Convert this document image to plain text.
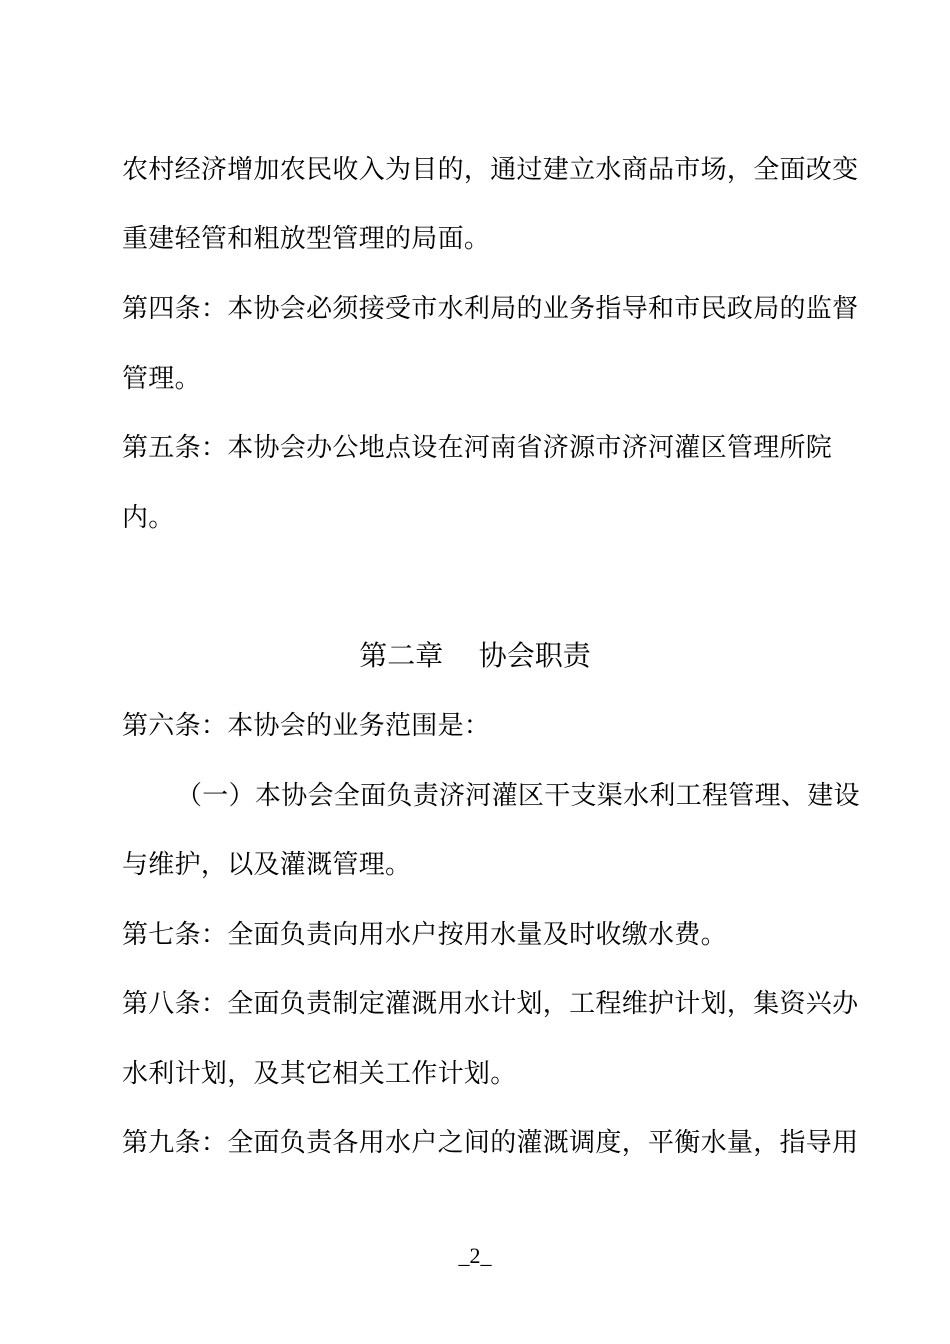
农村经济增加农民收入为目的，通过建立水商品市场，全面改变
重建轻管和粗放型管理的局面。
第四条：本协会必须接受市水利局的业务指导和市民政局的监督
管理。
第五条：本协会办公地点设在河南省济源市济河灌区管理所院
内。
第二章    协会职责
第六条：本协会的业务范围是：
（一）本协会全面负责济河灌区干支渠水利工程管理、建设
与维护，以及灌溉管理。
第七条：全面负责向用水户按用水量及时收缴水费。
第八条：全面负责制定灌溉用水计划，工程维护计划，集资兴办
水利计划，及其它相关工作计划。
第九条：全面负责各用水户之间的灌溉调度，平衡水量，指导用
_2_
